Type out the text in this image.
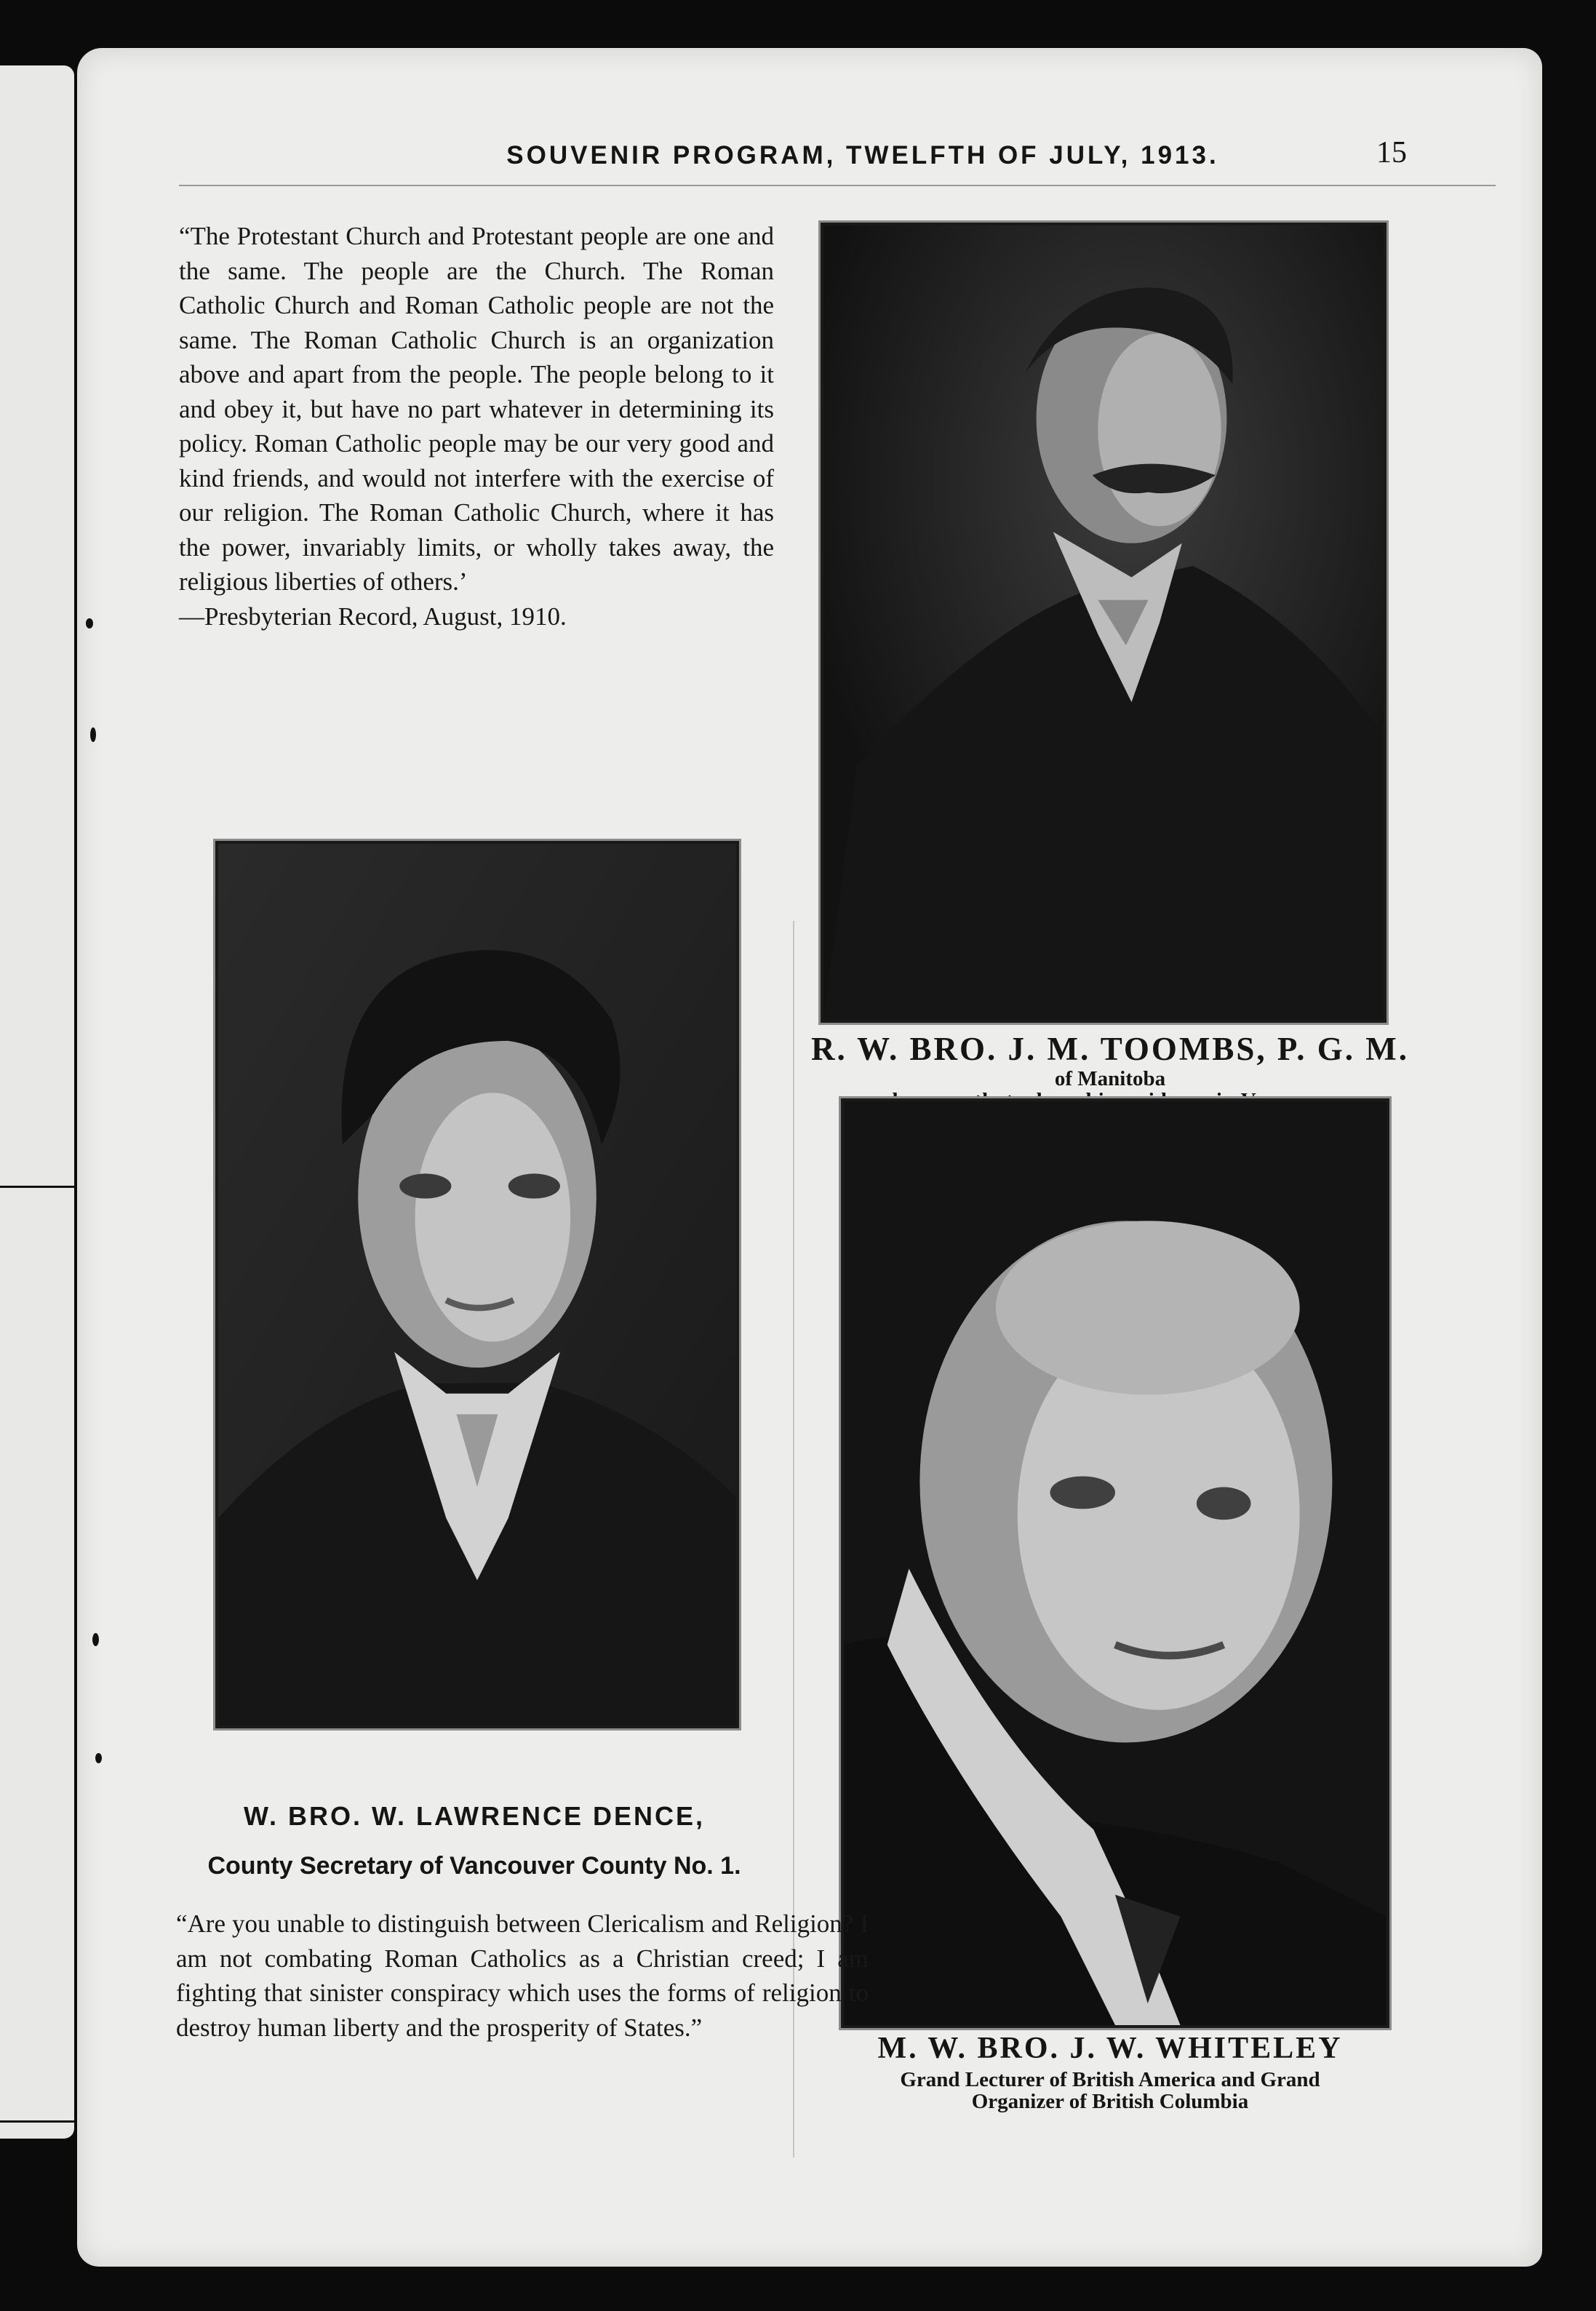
SOUVENIR PROGRAM, TWELFTH OF JULY, 1913.	15

“The Protestant Church and Protestant people are one and the same. The people are the Church. The Roman Catholic Church and Roman Catholic people are not the same. The Roman Catholic Church is an organization above and apart from the people. The people belong to it and obey it, but have no part whatever in determining its policy. Roman Catholic people may be our very good and kind friends, and would not interfere with the exercise of our religion. The Roman Catholic Church, where it has the power, invariably limits, or wholly takes away, the religious liberties of others.’

—Presbyterian Record, August, 1910.

R. W. BRO. J. M. TOOMBS, P. G. M.
of Manitoba
W. BRO. W. LAWRENCE DENCE,
County Secretary of Vancouver County No. 1.
M. W. BRO. J. W. WHITELEY
Grand Lecturer of British America and Grand
Organizer of British Columbia

“Are you unable to distinguish between Clericalism and Religion? I am not combating Roman Catholics as a Christian creed; I am fighting that sinister conspiracy which uses the forms of religion to destroy human liberty and the prosperity of States.”
